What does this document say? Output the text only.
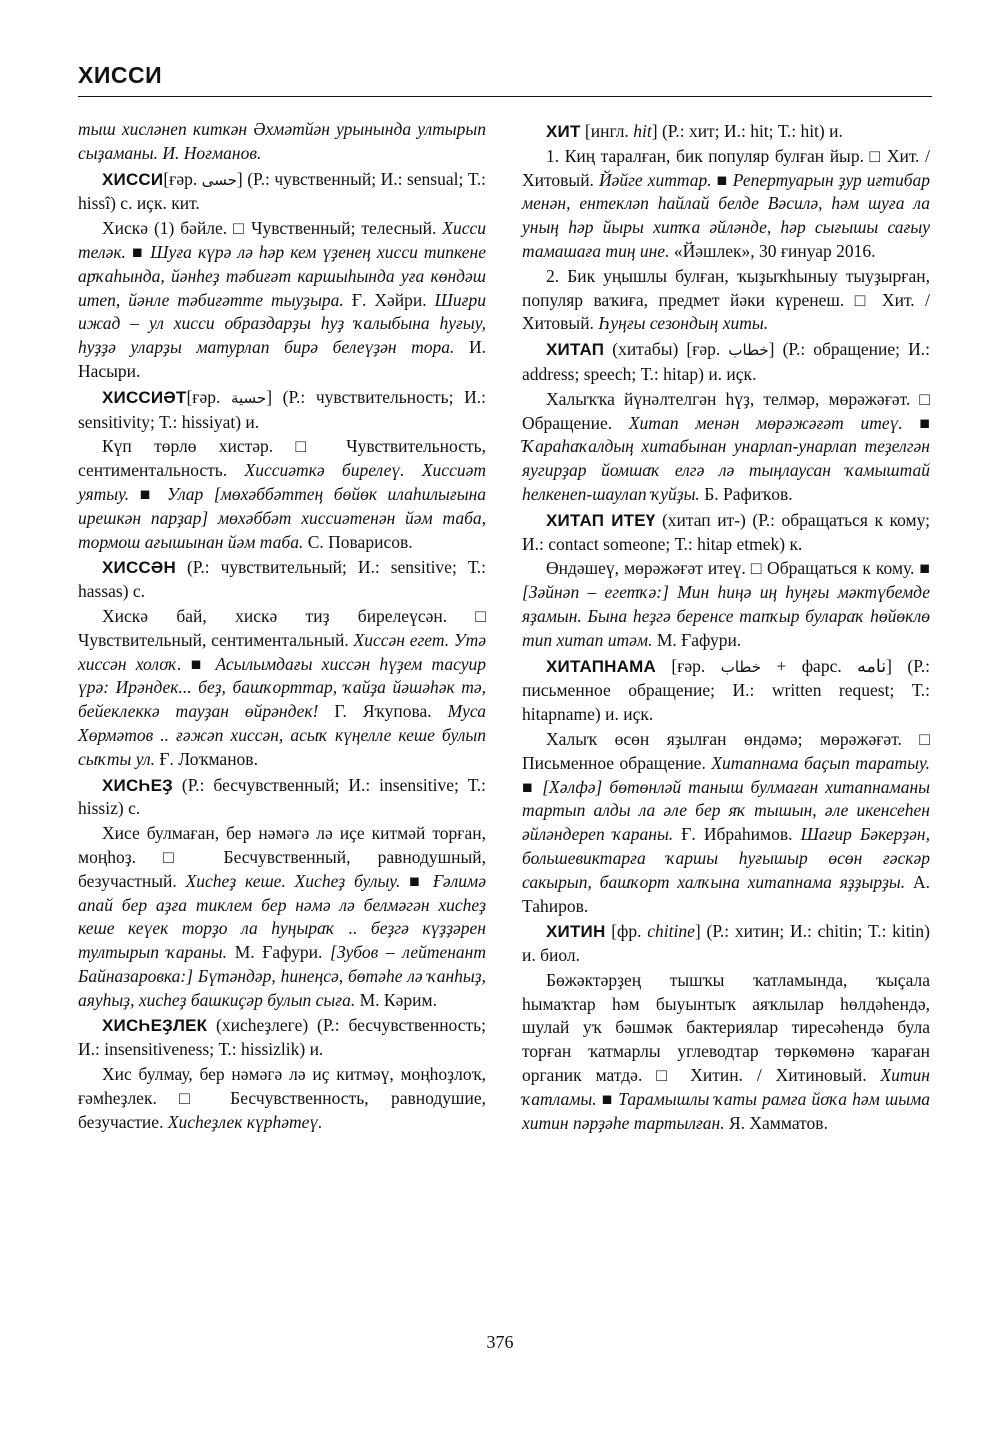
ХИССИ

тыш хисләнеп киткән Әхмәтйән урынында ултырып сыҙаманы. И. Ноғманов.

ХИССИ[ғәр. حسى] (Р.: чувственный; И.: sensual; Т.: hissî) с. иҫк. кит.

Хискә (1) бәйле. □ Чувственный; телесный. Хисси теләк. ■ Шуға күрә лә һәр кем үҙенең хисси типкене арҡаһында, йәнһеҙ тәбиғәт каршыһында уға көндәш итеп, йәнле тәбиғәтте тыуҙыра. Ғ. Хәйри. Шиғри ижад – ул хисси образдарҙы һуҙ ҡалыбына һуғыу, һуҙҙә уларҙы матурлап бирә белеүҙән тора. И. Насыри.

ХИССИӘТ[ғәр. حسية] (Р.: чувствительность; И.: sensitivity; Т.: hissiyat) и.

Күп төрлө хистәр. □ Чувствительность, сентиментальность. Хиссиәткә бирелеү. Хиссиәт уятыу. ■ Улар [мөхәббәттең бөйөк илаһилығына ирешкән парҙар] мөхәббәт хиссиәтенән йәм таба, тормош ағышынан йәм таба. С. Поварисов.

ХИССӘН (Р.: чувствительный; И.: sensitive; Т.: hassas) с.

Хискә бай, хискә тиҙ бирелеүсән. □ Чувствительный, сентиментальный. Хиссән егет. Утә хиссән холоҡ. ■ Асылымдағы хиссән һүҙем тасуир үрә: Ирәндек... беҙ, башҡорттар, ҡайҙа йәшәһәк тә, бейеклеккә тауҙан өйрәндек! Г. Яҡупова. Муса Хөрмәтов .. ғәжәп хиссән, асыҡ күңелле кеше булып сыҡты ул. Ғ. Лоҡманов.

ХИСҺЕҘ (Р.: бесчувственный; И.: insensitive; Т.: hissiz) с.

Хисе булмаған, бер нәмәгә лә иҫе китмәй торған, моңһоҙ. □ Бесчувственный, равнодушный, безучастный. Хисһеҙ кеше. Хисһеҙ булыу. ■ Ғәлимә апай бер аҙға тиклем бер нәмә лә белмәгән хисһеҙ кеше кеүек торҙо ла һуңыраҡ .. беҙгә күҙҙәрен тултырып ҡараны. М. Ғафури. [Зубов – лейтенант Байназаровка:] Бүтәндәр, һинеңсә, бөтәһе лә ҡанһыҙ, аяуһыҙ, хисһеҙ башкиҫәр булып сыға. М. Кәрим.

ХИСҺЕҘЛЕК (хисһеҙлеге) (Р.: бесчувственность; И.: insensitiveness; Т.: hissizlik) и.

Хис булмау, бер нәмәгә лә иҫ китмәү, моңһоҙлоҡ, ғәмһеҙлек. □ Бесчувственность, равнодушие, безучастие. Хисһеҙлек күрһәтеү.

ХИТ [ингл. hit] (Р.: хит; И.: hit; Т.: hit) и.

1. Киң таралған, бик популяр булған йыр. □ Хит. / Хитовый. Йәйге хиттар. ■ Репертуарын ҙур иғтибар менән, ентекләп һайлай белде Вәсилә, һәм шуға ла уның һәр йыры хитҡа әйләнде, һәр сығышы сағыу тамашаға тиң ине. «Йәшлек», 30 ғинуар 2016.

2. Бик уңышлы булған, ҡыҙыҡһыныу тыуҙырған, популяр ваҡиға, предмет йәки күренеш. □ Хит. / Хитовый. Һуңғы сезондың хиты.

ХИТАП (хитабы) [ғәр. خطاب] (Р.: обращение; И.: address; speech; Т.: hitap) и. иҫк.

Халыҡҡа йүнәлтелгән һүҙ, телмәр, мөрәжәғәт. □ Обращение. Хитап менән мөрәжәғәт итеү. ■ Ҡараһаҡалдың хитабынан унарлап-унарлап теҙелгән яугирҙар йомшаҡ елгә лә тыңлаусан ҡамыштай һелкенеп-шаулап ҡуйҙы. Б. Рафиҡов.

ХИТАП ИТЕҮ (хитап ит-) (Р.: обращаться к кому; И.: contact someone; Т.: hitap etmek) к.

Өндәшеү, мөрәжәғәт итеү. □ Обращаться к кому. ■ [Зәйнәп – егетҡә:] Мин һиңә иң һуңғы мәктүбемде яҙамын. Бына һеҙгә беренсе тапҡыр булараҡ һөйөклө тип хитап итәм. М. Ғафури.

ХИТАПНАМА [ғәр. خطاب + фарс. نامه] (Р.: письменное обращение; И.: written request; Т.: hitapname) и. иҫк.

Халыҡ өсөн яҙылған өндәмә; мөрәжәғәт. □ Письменное обращение. Хитапнама баҫып таратыу. ■ [Хәлфә] бөтөнләй таныш булмаған хитапнаманы тартып алды ла әле бер яҡ тышын, әле икенсеһен әйләндереп ҡараны. Ғ. Ибраһимов. Шағир Бәкерҙән, большевиктарға ҡаршы һуғышыр өсөн ғәскәр сакырып, башҡорт халҡына хитапнама яҙҙырҙы. А. Таһиров.

ХИТИН [фр. chitine] (Р.: хитин; И.: chitin; Т.: kitin) и. биол.

Бөжәктәрҙең тышҡы ҡатламында, ҡыҫала һымаҡтар һәм быуынтыҡ аяҡлылар һөлдәһендә, шулай уҡ бәшмәк бактериялар тиресәһендә була торған ҡатмарлы углеводтар төркөмөнә ҡараған органик матдә. □ Хитин. / Хитиновый. Хитин ҡатламы. ■ Тарамышлы ҡаты рамға йоҡа һәм шыма хитин пәрҙәһе тартылған. Я. Хамматов.

376
